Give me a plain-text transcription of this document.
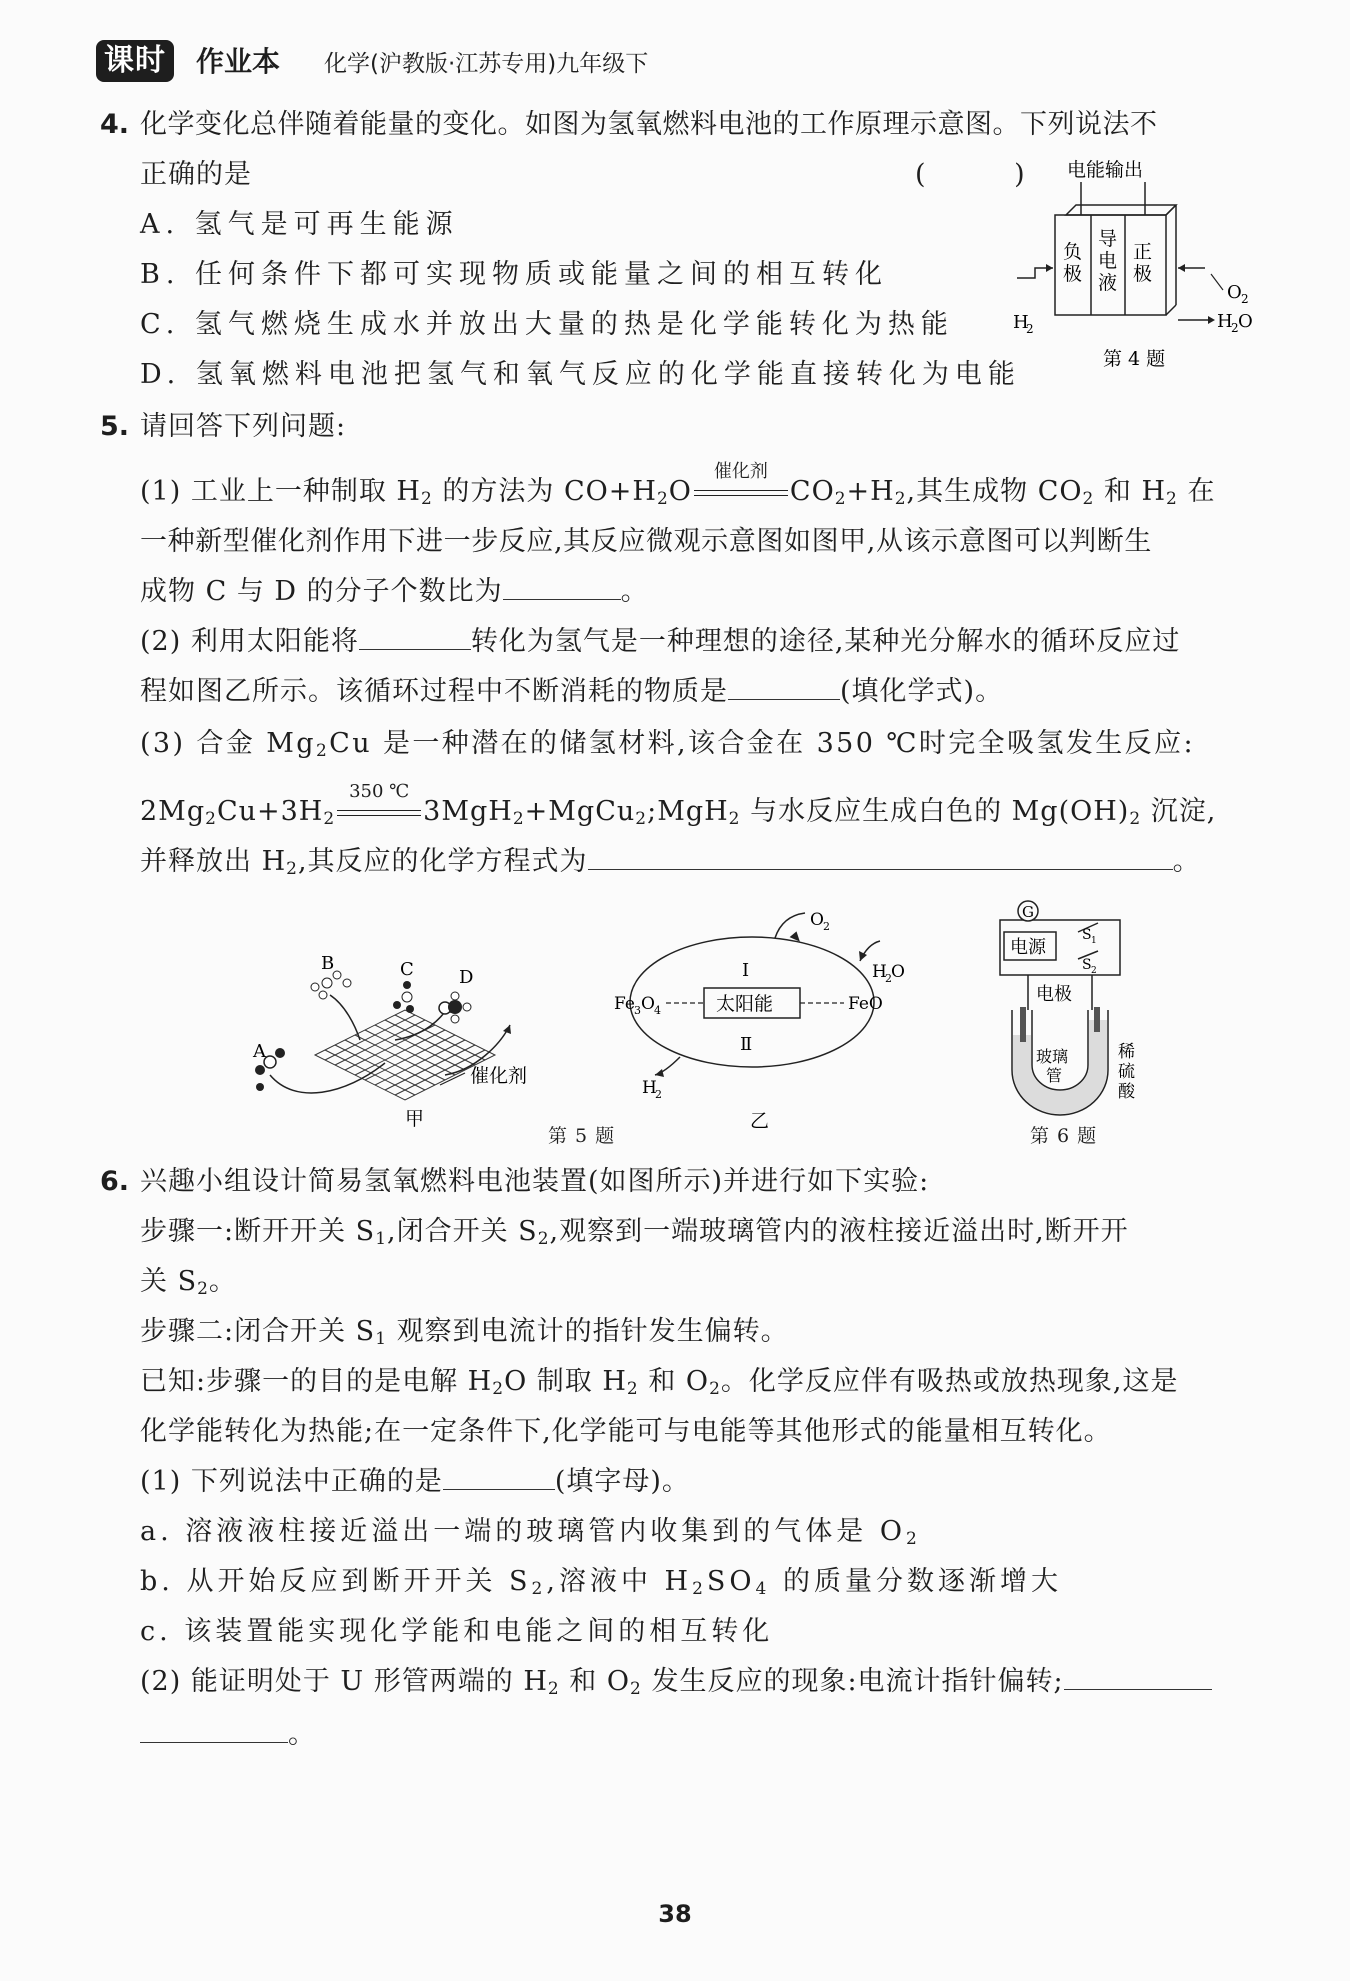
课时 作业本 化学(沪教版·江苏专用)九年级下
4. 化学变化总伴随着能量的变化。如图为氢氧燃料电池的工作原理示意图。下列说法不
正确的是	( )
A. 氢气是可再生能源
B. 任何条件下都可实现物质或能量之间的相互转化
C. 氢气燃烧生成水并放出大量的热是化学能转化为热能
D. 氢氧燃料电池把氢气和氧气反应的化学能直接转化为电能
电能输出
负
极
导
电
液
正
极
H
2
O 2
H
2 O
第 4 题
5. 请回答下列问题:
(1) 工业上一种制取 $H_2$ 的方法为 $CO+H_2O$
催化剂
$CO_2+H_2$,其生成物 $CO_2$ 和 $H_2$ 在
一种新型催化剂作用下进一步反应,其反应微观示意图如图甲,从该示意图可以判断生
成物 C 与 D 的分子个数比为	。
(2) 利用太阳能将	转化为氢气是一种理想的途径,某种光分解水的循环反应过
程如图乙所示。该循环过程中不断消耗的物质是	(填化学式)。
(3) 合金 $Mg_2Cu$ 是一种潜在的储氢材料,该合金在 350 ℃时完全吸氢发生反应:
$2Mg_2Cu+3H_2$
350 ℃
3MgH$_2$+MgCu$_2$;MgH$_2$ 与水反应生成白色的 $Mg(OH)_2$ 沉淀,
并释放出 $H_2$,其反应的化学方程式为	。
A
B	C	D
催化剂
甲
太阳能
Fe 3 O 4	FeO
Ⅰ
Ⅱ
O 2
H
2 O
H
2
乙
第 5 题
G
电源
S 1
S 2
电极
玻璃
管
稀
硫
酸
第 6 题
6. 兴趣小组设计简易氢氧燃料电池装置(如图所示)并进行如下实验:
步骤一:断开开关 $S_1$,闭合开关 $S_2$,观察到一端玻璃管内的液柱接近溢出时,断开开
关 $S_2$。
步骤二:闭合开关 $S_1$ 观察到电流计的指针发生偏转。
已知:步骤一的目的是电解 $H_2O$ 制取 $H_2$ 和 $O_2$。化学反应伴有吸热或放热现象,这是
化学能转化为热能;在一定条件下,化学能可与电能等其他形式的能量相互转化。
(1) 下列说法中正确的是	(填字母)。
a. 溶液液柱接近溢出一端的玻璃管内收集到的气体是 $O_2$
b. 从开始反应到断开开关 $S_2$,溶液中 $H_2SO_4$ 的质量分数逐渐增大
c. 该装置能实现化学能和电能之间的相互转化
(2) 能证明处于 U 形管两端的 $H_2$ 和 $O_2$ 发生反应的现象:电流计指针偏转;
。
38
